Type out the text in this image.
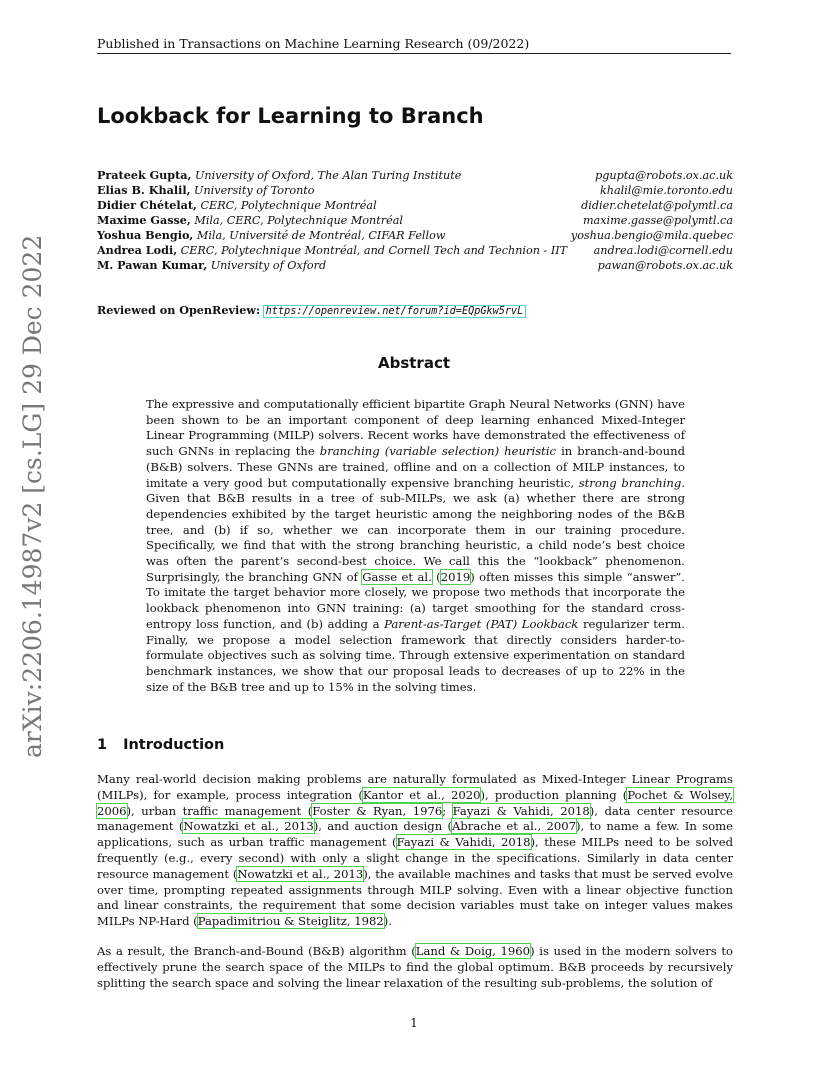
Published in Transactions on Machine Learning Research (09/2022)
Lookback for Learning to Branch
Prateek Gupta, University of Oxford, The Alan Turing Institute	pgupta@robots.ox.ac.uk
Elias B. Khalil, University of Toronto	khalil@mie.toronto.edu
Didier Chételat, CERC, Polytechnique Montréal	didier.chetelat@polymtl.ca
Maxime Gasse, Mila, CERC, Polytechnique Montréal	maxime.gasse@polymtl.ca
Yoshua Bengio, Mila, Université de Montréal, CIFAR Fellow	yoshua.bengio@mila.quebec
Andrea Lodi, CERC, Polytechnique Montréal, and Cornell Tech and Technion - IIT andrea.lodi@cornell.edu
M. Pawan Kumar, University of Oxford	pawan@robots.ox.ac.uk
Reviewed on OpenReview: https://openreview.net/forum?id=EQpGkw5rvL
Abstract

The expressive and computationally efficient bipartite Graph Neural Networks (GNN) have been shown to be an important component of deep learning enhanced Mixed-Integer Linear Programming (MILP) solvers. Recent works have demonstrated the effectiveness of such GNNs in replacing the branching (variable selection) heuristic in branch-and-bound (B&B) solvers. These GNNs are trained, offline and on a collection of MILP instances, to imitate a very good but computationally expensive branching heuristic, strong branching. Given that B&B results in a tree of sub-MILPs, we ask (a) whether there are strong dependencies exhibited by the target heuristic among the neighboring nodes of the B&B tree, and (b) if so, whether we can incorporate them in our training procedure. Specifically, we find that with the strong branching heuristic, a child node’s best choice was often the parent’s second-best choice. We call this the “lookback” phenomenon. Surprisingly, the branching GNN of Gasse et al. (2019) often misses this simple “answer”. To imitate the target behavior more closely, we propose two methods that incorporate the lookback phenomenon into GNN training: (a) target smoothing for the standard cross-entropy loss function, and (b) adding a Parent-as-Target (PAT) Lookback regularizer term. Finally, we propose a model selection framework that directly considers harder-to-formulate objectives such as solving time. Through extensive experimentation on standard benchmark instances, we show that our proposal leads to decreases of up to 22% in the size of the B&B tree and up to 15% in the solving times.

arXiv:2206.14987v2 [cs.LG] 29 Dec 2022	1 Introduction

Many real-world decision making problems are naturally formulated as Mixed-Integer Linear Programs (MILPs), for example, process integration (Kantor et al., 2020), production planning (Pochet & Wolsey, 2006), urban traffic management (Foster & Ryan, 1976; Fayazi & Vahidi, 2018), data center resource management (Nowatzki et al., 2013), and auction design (Abrache et al., 2007), to name a few. In some applications, such as urban traffic management (Fayazi & Vahidi, 2018), these MILPs need to be solved frequently (e.g., every second) with only a slight change in the specifications. Similarly in data center resource management (Nowatzki et al., 2013), the available machines and tasks that must be served evolve over time, prompting repeated assignments through MILP solving. Even with a linear objective function and linear constraints, the requirement that some decision variables must take on integer values makes MILPs NP-Hard (Papadimitriou & Steiglitz, 1982).

As a result, the Branch-and-Bound (B&B) algorithm (Land & Doig, 1960) is used in the modern solvers to effectively prune the search space of the MILPs to find the global optimum. B&B proceeds by recursively splitting the search space and solving the linear relaxation of the resulting sub-problems, the solution of

1
